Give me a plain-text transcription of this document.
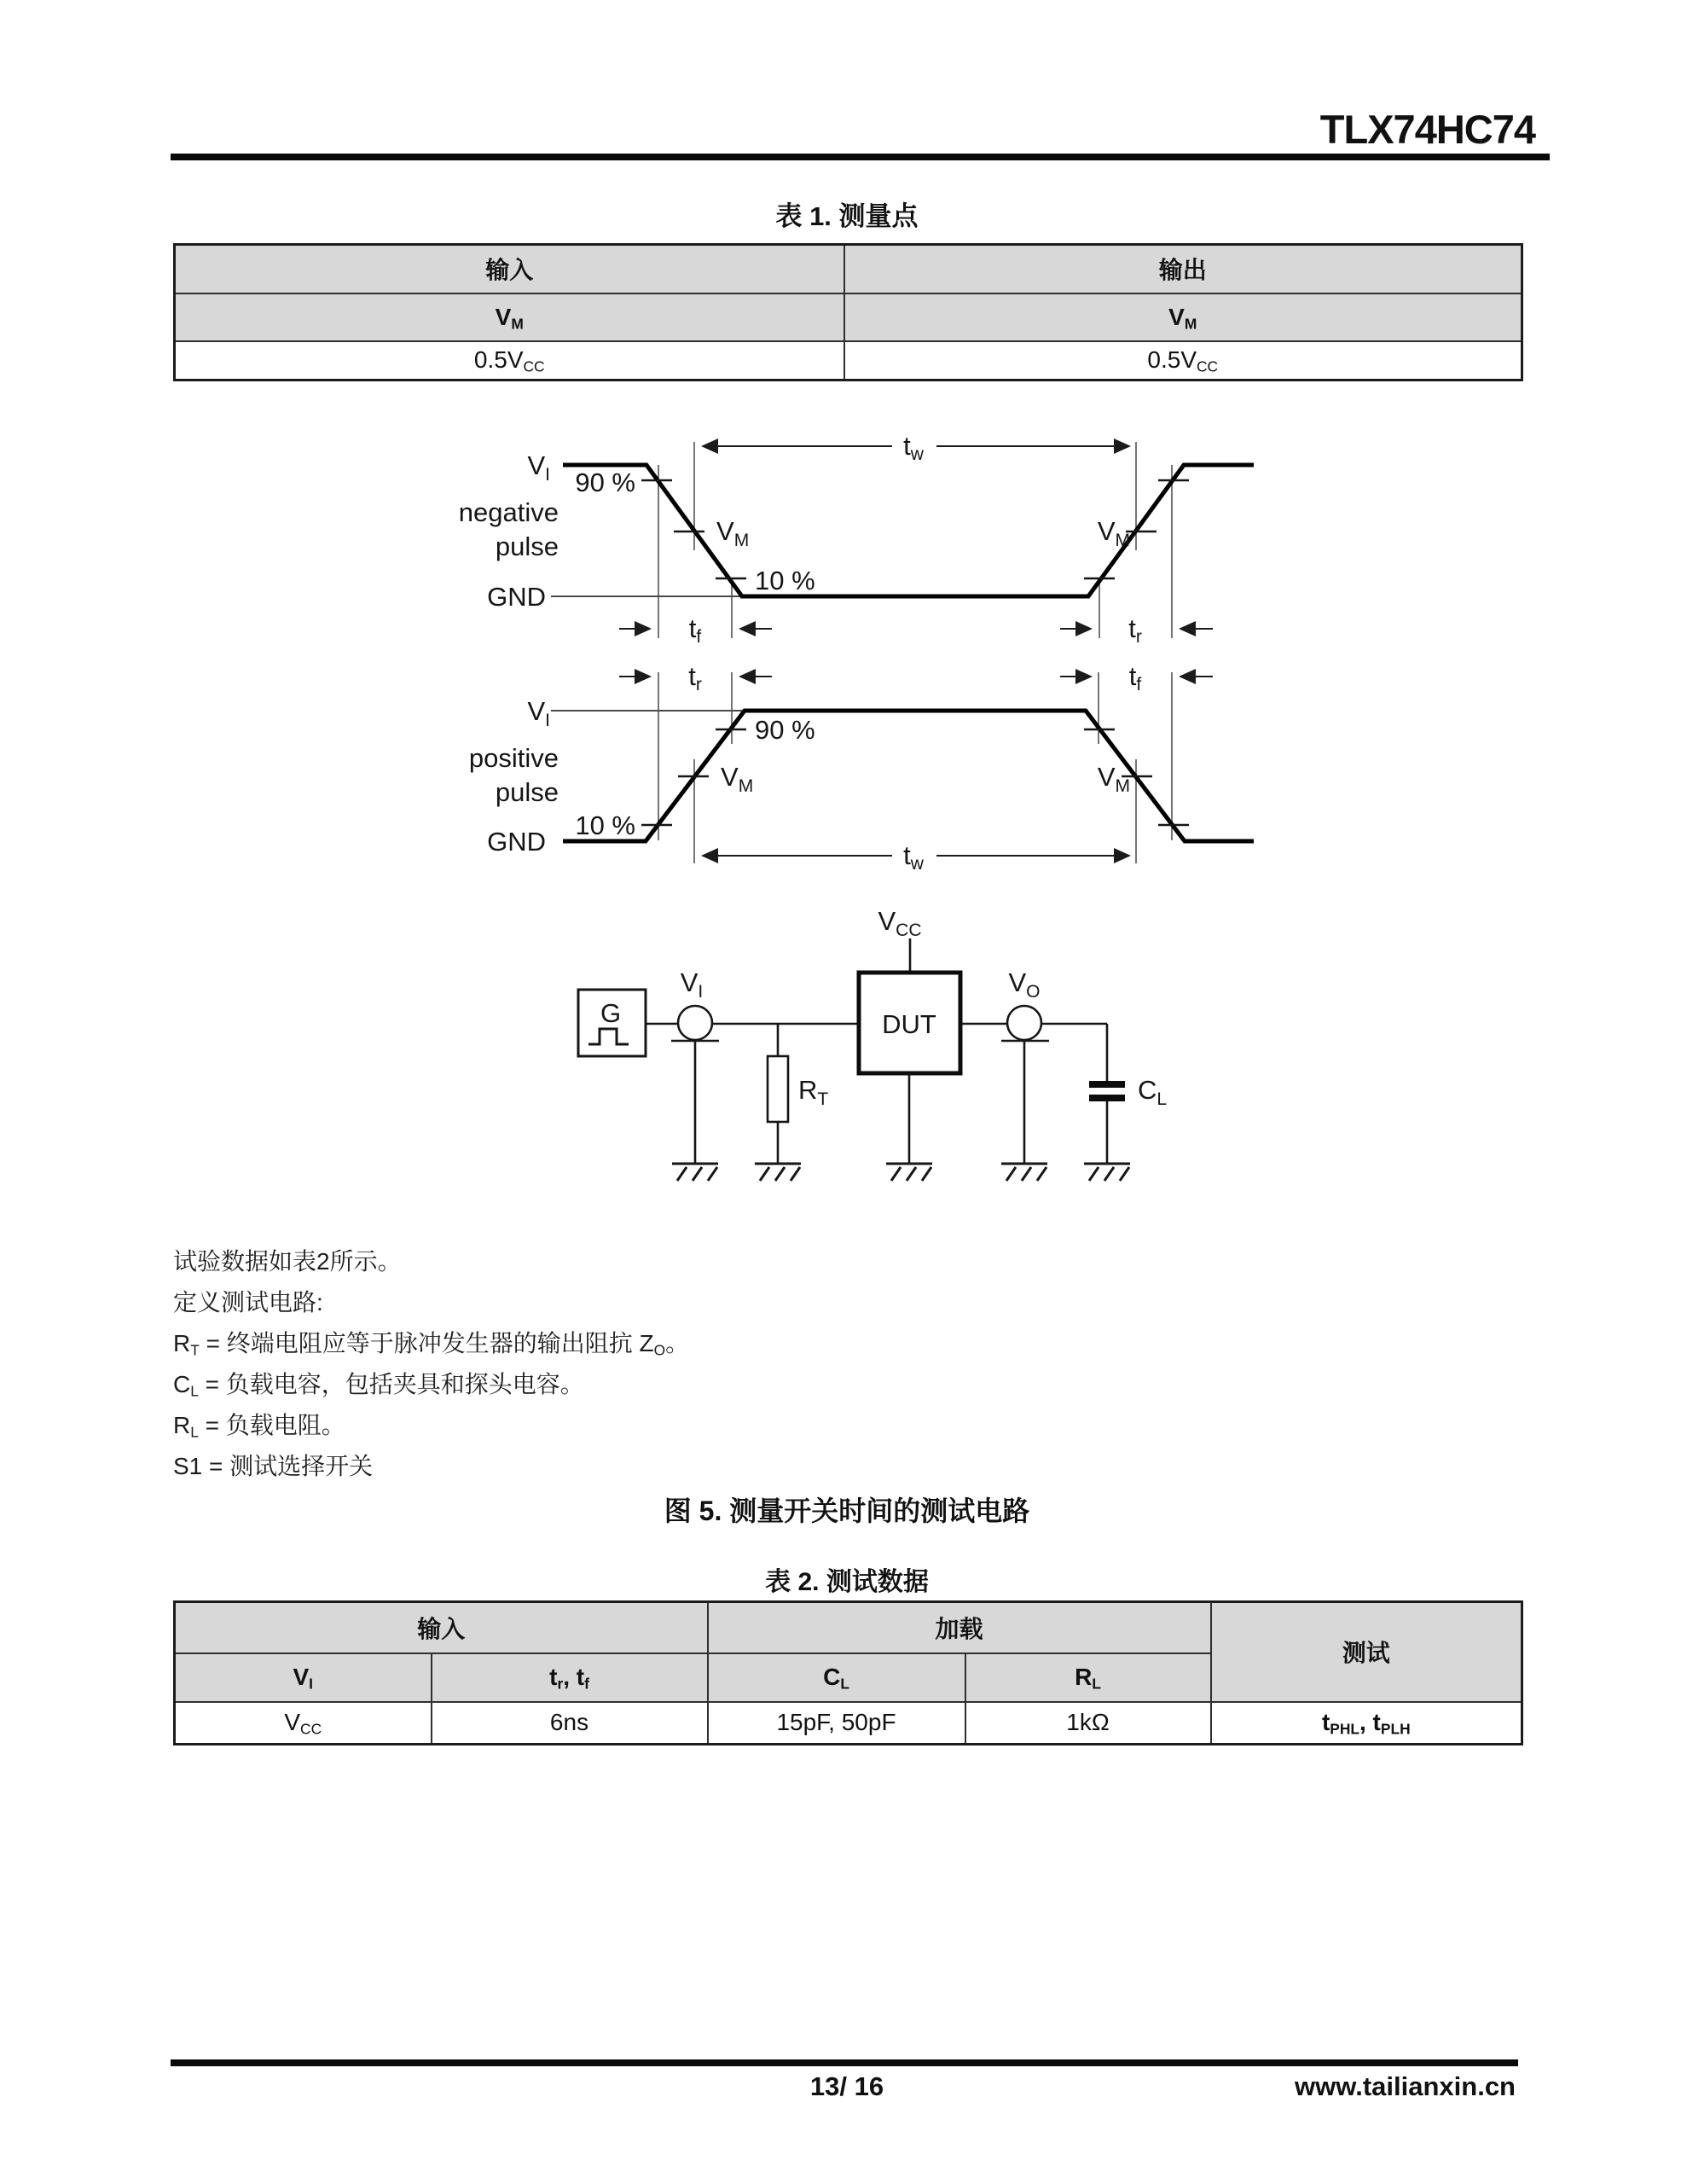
TLX74HC74
表 1. 测量点
输入	输出
$V_M$	$V_M$
$0.5V_{CC}$	$0.5V_{CC}$
tw
tf	tr
$V_I$
negative
pulse
GND
90 %
$V_M$
10 %
$V_M$
tr	tf
tw
$V_I$
positive
pulse
10 %
GND
90 %
$V_M$	$V_M$
$V_{CC}$
G	DUT
$V_I$
$R_T$
$V_O$
$C_L$
试验数据如表2所示。
定义测试电路:
$R_T$ = 终端电阻应等于脉冲发生器的输出阻抗 $Z_O$。
$C_L$ = 负载电容，包括夹具和探头电容。
$R_L$ = 负载电阻。
S1 = 测试选择开关
图 5. 测量开关时间的测试电路
表 2. 测试数据
输入		加载		测试
$V_I$	$t_r$, $t_f$	$C_L$	$R_L$
$V_{CC}$	6ns	15pF, 50pF	1kΩ	$t_{PHL}$, $t_{PLH}$
13/ 16	www.tailianxin.cn
